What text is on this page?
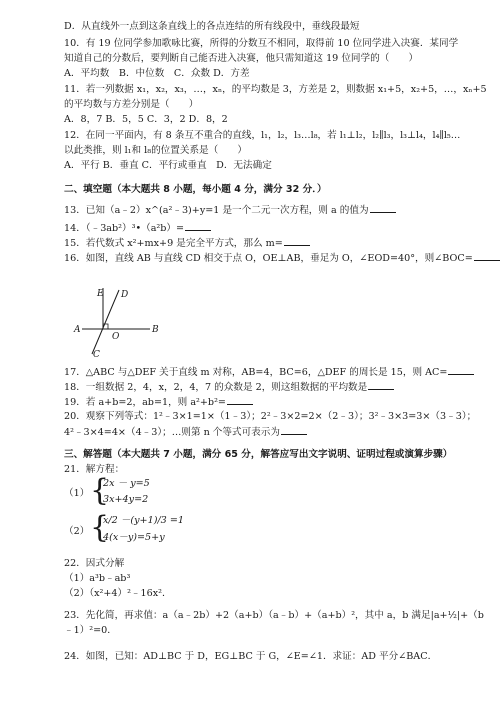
D．从直线外一点到这条直线上的各点连结的所有线段中，垂线段最短
10．有 19 位同学参加歌咏比赛，所得的分数互不相同，取得前 10 位同学进入决赛．某同学
知道自己的分数后，要判断自己能否进入决赛，他只需知道这 19 位同学的（　　）
A．平均数　B．中位数　C．众数 D．方差
11．若一列数据 x₁，x₂，x₃，…，xₙ，的平均数是 3，方差是 2，则数据 x₁+5，x₂+5，…，xₙ+5
的平均数与方差分别是（　　）
A．8，7 B．5，5 C．3，2 D．8，2
12．在同一平面内，有 8 条互不重合的直线，l₁，l₂，l₃…l₈，若 l₁⊥l₂，l₂∥l₃，l₃⊥l₄，l₄∥l₅…
以此类推，则 l₁和 l₈的位置关系是（　　）
A．平行 B．垂直 C．平行或垂直　D．无法确定
二、填空题（本大题共 8 小题，每小题 4 分，满分 32 分．）
13．已知（a﹣2）x^(a²﹣3)+y=1 是一个二元一次方程，则 a 的值为
14．（﹣3ab²）³•（a²b）=
15．若代数式 x²+mx+9 是完全平方式，那么 m=
16．如图，直线 AB 与直线 CD 相交于点 O，OE⊥AB，垂足为 O，∠EOD=40°，则∠BOC=
E D
A	B
O
C
17．△ABC 与△DEF 关于直线 m 对称，AB=4，BC=6，△DEF 的周长是 15，则 AC=
18．一组数据 2，4，x，2，4，7 的众数是 2，则这组数据的平均数是
19．若 a+b=2，ab=1，则 a²+b²=
20．观察下列等式：1²﹣3×1=1×（1﹣3）；2²﹣3×2=2×（2﹣3）；3²﹣3×3=3×（3﹣3）；
4²﹣3×4=4×（4﹣3）；…则第 n 个等式可表示为
三、解答题（本大题共 7 小题，满分 65 分，解答应写出文字说明、证明过程或演算步骤）
21．解方程：
（1） {
2x － y=5
3x+4y=2
（2） {
x/2 －(y+1)/3 =1
4(x－y)=5+y
22．因式分解
（1）a³b﹣ab³
（2）（x²+4）²﹣16x²．
23．先化简，再求值：a（a﹣2b）+2（a+b）（a﹣b）+（a+b）²，其中 a，b 满足|a+½|+（b
﹣1）²=0．
24．如图，已知：AD⊥BC 于 D，EG⊥BC 于 G，∠E=∠1．求证：AD 平分∠BAC．
